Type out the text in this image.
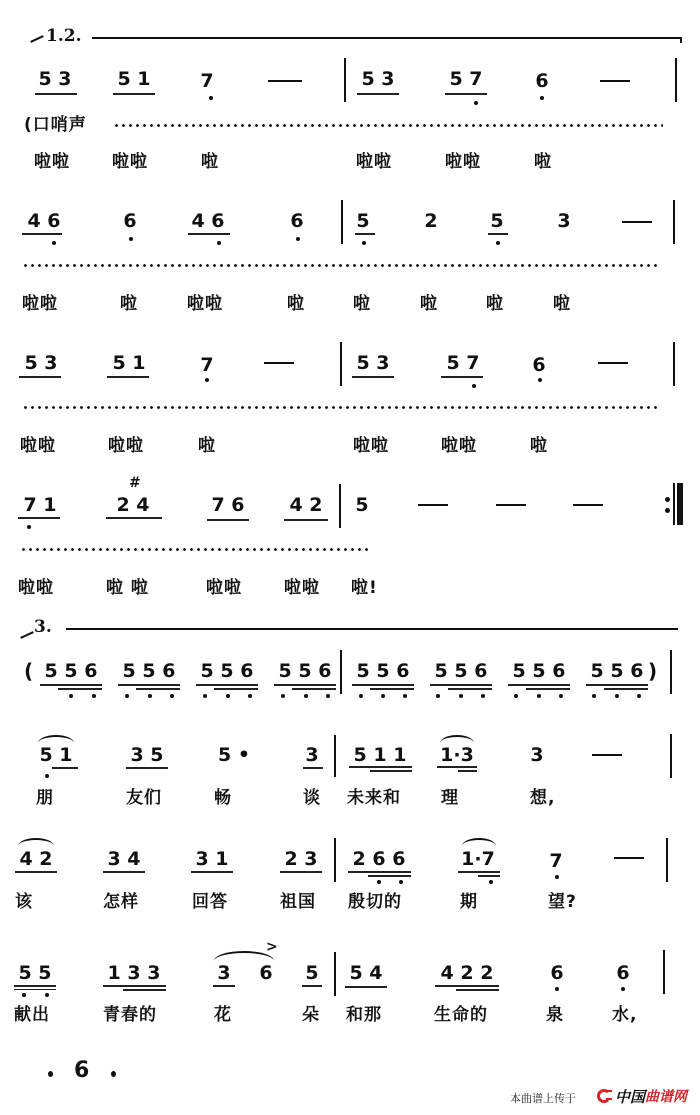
1.2.
5 3 5 1	7	5 3	5 7	6
(口哨声
啦啦 啦啦	啦	啦啦	啦啦	啦
4 6	6	4 6	6	5	2	5	3
啦啦	啦	啦啦	啦	啦	啦	啦	啦
5 3	5 1	7	5 3	5 7	6
啦啦	啦啦	啦	啦啦	啦啦	啦
#
7 1	2 4	7 6 4 2 5
啦啦	啦 啦	啦啦 啦啦 啦!
3.
( 5 5 6 5 5 6 5 5 6 5 5 6 5 5 6 5 5 6 5 5 6 5 5 6 )
5 1	3 5	5 •	3 5 1 1 1·3	3
朋	友们	畅	谈 未来和 理	想,
4 2	3 4	3 1	2 3 2 6 6	1·7	7
该	怎样	回答	祖国 殷切的	期	望?
>
5 5	1 3 3	3 6 5 5 4	4 2 2	6	6
献出	青春的	花	朵 和那	生命的	泉	水,
6
本曲谱上传于	中国 曲谱网
